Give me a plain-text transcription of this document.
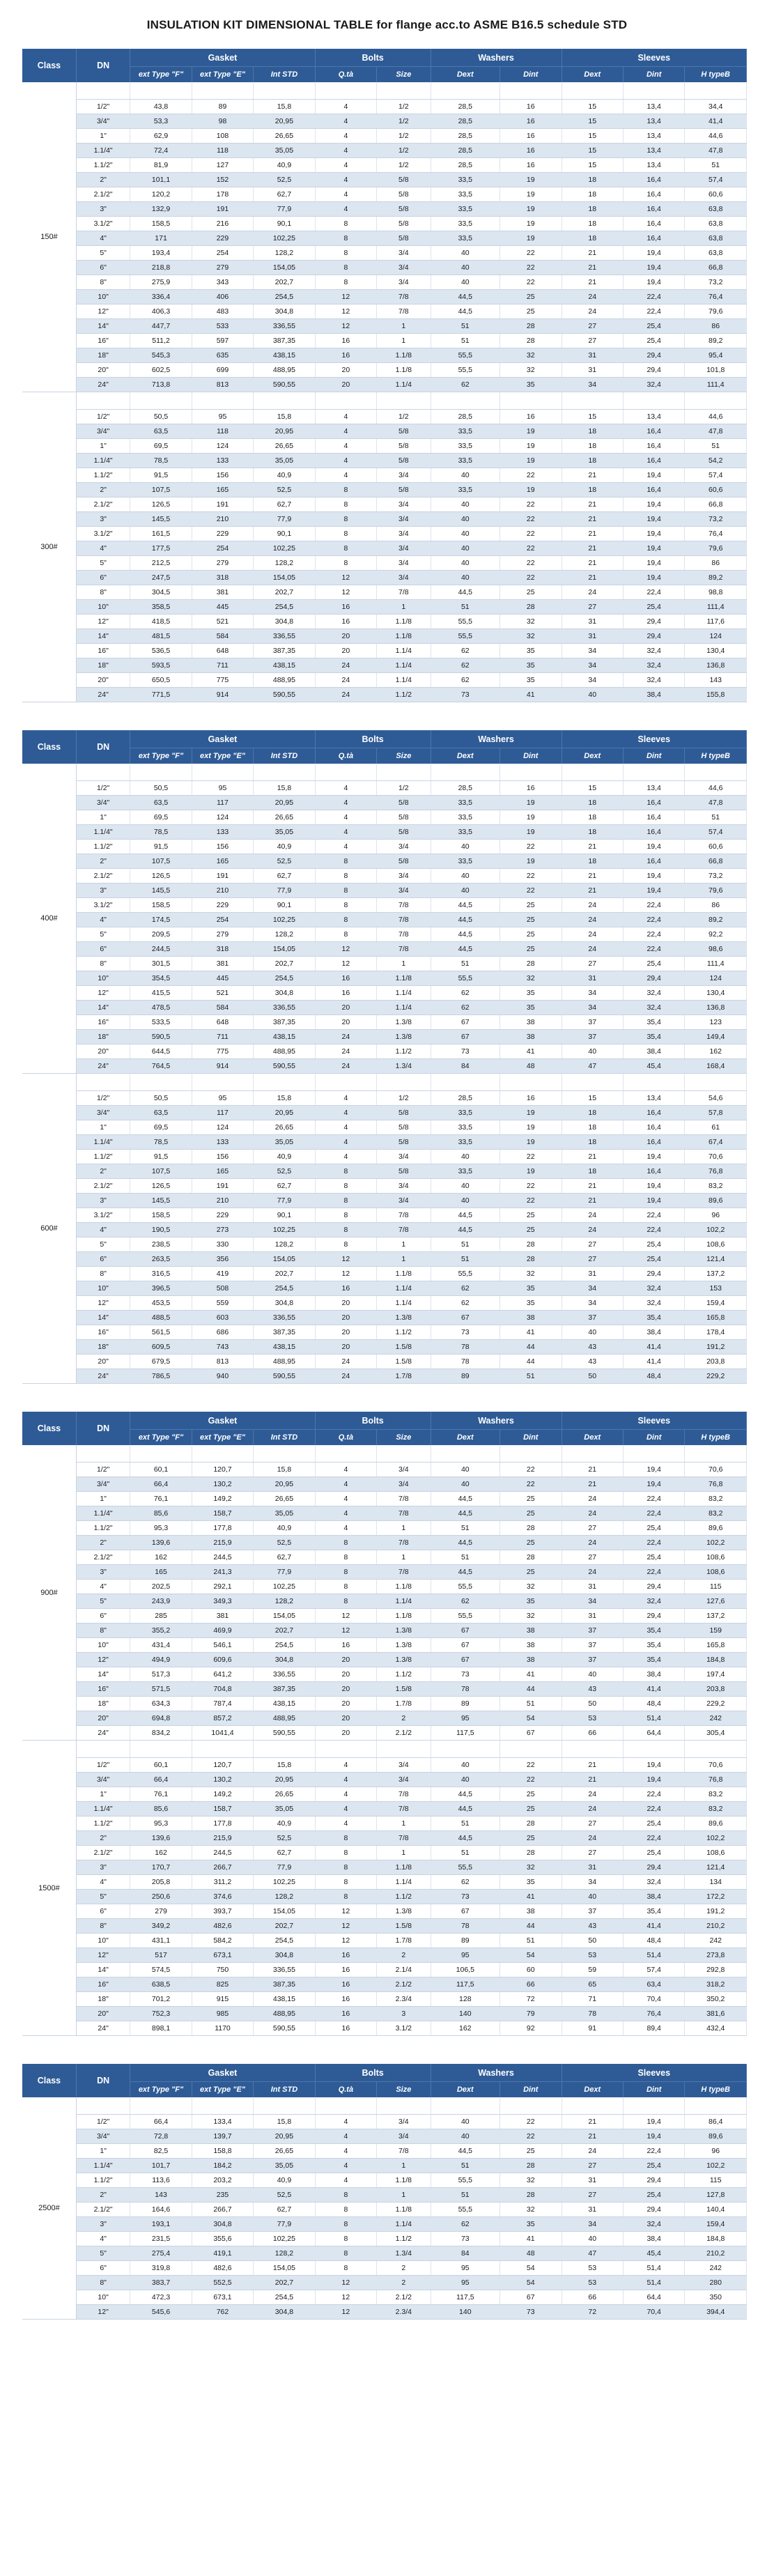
INSULATION KIT DIMENSIONAL TABLE for flange acc.to ASME B16.5 schedule STD
Class	DN	Gasket			Bolts		Washers		Sleeves		
		ext Type "F"	ext Type "E"	Int STD	Q.tà	Size	Dext	Dint	Dext	Dint	H typeB
150#											
	1/2"	43,8	89	15,8	4	1/2	28,5	16	15	13,4	34,4
	3/4"	53,3	98	20,95	4	1/2	28,5	16	15	13,4	41,4
	1"	62,9	108	26,65	4	1/2	28,5	16	15	13,4	44,6
	1.1/4"	72,4	118	35,05	4	1/2	28,5	16	15	13,4	47,8
	1.1/2"	81,9	127	40,9	4	1/2	28,5	16	15	13,4	51
	2"	101,1	152	52,5	4	5/8	33,5	19	18	16,4	57,4
	2.1/2"	120,2	178	62,7	4	5/8	33,5	19	18	16,4	60,6
	3"	132,9	191	77,9	4	5/8	33,5	19	18	16,4	63,8
	3.1/2"	158,5	216	90,1	8	5/8	33,5	19	18	16,4	63,8
	4"	171	229	102,25	8	5/8	33,5	19	18	16,4	63,8
	5"	193,4	254	128,2	8	3/4	40	22	21	19,4	63,8
	6"	218,8	279	154,05	8	3/4	40	22	21	19,4	66,8
	8"	275,9	343	202,7	8	3/4	40	22	21	19,4	73,2
	10"	336,4	406	254,5	12	7/8	44,5	25	24	22,4	76,4
	12"	406,3	483	304,8	12	7/8	44,5	25	24	22,4	79,6
	14"	447,7	533	336,55	12	1	51	28	27	25,4	86
	16"	511,2	597	387,35	16	1	51	28	27	25,4	89,2
	18"	545,3	635	438,15	16	1.1/8	55,5	32	31	29,4	95,4
	20"	602,5	699	488,95	20	1.1/8	55,5	32	31	29,4	101,8
	24"	713,8	813	590,55	20	1.1/4	62	35	34	32,4	111,4
300#											
	1/2"	50,5	95	15,8	4	1/2	28,5	16	15	13,4	44,6
	3/4"	63,5	118	20,95	4	5/8	33,5	19	18	16,4	47,8
	1"	69,5	124	26,65	4	5/8	33,5	19	18	16,4	51
	1.1/4"	78,5	133	35,05	4	5/8	33,5	19	18	16,4	54,2
	1.1/2"	91,5	156	40,9	4	3/4	40	22	21	19,4	57,4
	2"	107,5	165	52,5	8	5/8	33,5	19	18	16,4	60,6
	2.1/2"	126,5	191	62,7	8	3/4	40	22	21	19,4	66,8
	3"	145,5	210	77,9	8	3/4	40	22	21	19,4	73,2
	3.1/2"	161,5	229	90,1	8	3/4	40	22	21	19,4	76,4
	4"	177,5	254	102,25	8	3/4	40	22	21	19,4	79,6
	5"	212,5	279	128,2	8	3/4	40	22	21	19,4	86
	6"	247,5	318	154,05	12	3/4	40	22	21	19,4	89,2
	8"	304,5	381	202,7	12	7/8	44,5	25	24	22,4	98,8
	10"	358,5	445	254,5	16	1	51	28	27	25,4	111,4
	12"	418,5	521	304,8	16	1.1/8	55,5	32	31	29,4	117,6
	14"	481,5	584	336,55	20	1.1/8	55,5	32	31	29,4	124
	16"	536,5	648	387,35	20	1.1/4	62	35	34	32,4	130,4
	18"	593,5	711	438,15	24	1.1/4	62	35	34	32,4	136,8
	20"	650,5	775	488,95	24	1.1/4	62	35	34	32,4	143
	24"	771,5	914	590,55	24	1.1/2	73	41	40	38,4	155,8
Class	DN	Gasket			Bolts		Washers		Sleeves		
		ext Type "F"	ext Type "E"	Int STD	Q.tà	Size	Dext	Dint	Dext	Dint	H typeB
400#											
	1/2"	50,5	95	15,8	4	1/2	28,5	16	15	13,4	44,6
	3/4"	63,5	117	20,95	4	5/8	33,5	19	18	16,4	47,8
	1"	69,5	124	26,65	4	5/8	33,5	19	18	16,4	51
	1.1/4"	78,5	133	35,05	4	5/8	33,5	19	18	16,4	57,4
	1.1/2"	91,5	156	40,9	4	3/4	40	22	21	19,4	60,6
	2"	107,5	165	52,5	8	5/8	33,5	19	18	16,4	66,8
	2.1/2"	126,5	191	62,7	8	3/4	40	22	21	19,4	73,2
	3"	145,5	210	77,9	8	3/4	40	22	21	19,4	79,6
	3.1/2"	158,5	229	90,1	8	7/8	44,5	25	24	22,4	86
	4"	174,5	254	102,25	8	7/8	44,5	25	24	22,4	89,2
	5"	209,5	279	128,2	8	7/8	44,5	25	24	22,4	92,2
	6"	244,5	318	154,05	12	7/8	44,5	25	24	22,4	98,6
	8"	301,5	381	202,7	12	1	51	28	27	25,4	111,4
	10"	354,5	445	254,5	16	1.1/8	55,5	32	31	29,4	124
	12"	415,5	521	304,8	16	1.1/4	62	35	34	32,4	130,4
	14"	478,5	584	336,55	20	1.1/4	62	35	34	32,4	136,8
	16"	533,5	648	387,35	20	1.3/8	67	38	37	35,4	123
	18"	590,5	711	438,15	24	1.3/8	67	38	37	35,4	149,4
	20"	644,5	775	488,95	24	1.1/2	73	41	40	38,4	162
	24"	764,5	914	590,55	24	1.3/4	84	48	47	45,4	168,4
600#											
	1/2"	50,5	95	15,8	4	1/2	28,5	16	15	13,4	54,6
	3/4"	63,5	117	20,95	4	5/8	33,5	19	18	16,4	57,8
	1"	69,5	124	26,65	4	5/8	33,5	19	18	16,4	61
	1.1/4"	78,5	133	35,05	4	5/8	33,5	19	18	16,4	67,4
	1.1/2"	91,5	156	40,9	4	3/4	40	22	21	19,4	70,6
	2"	107,5	165	52,5	8	5/8	33,5	19	18	16,4	76,8
	2.1/2"	126,5	191	62,7	8	3/4	40	22	21	19,4	83,2
	3"	145,5	210	77,9	8	3/4	40	22	21	19,4	89,6
	3.1/2"	158,5	229	90,1	8	7/8	44,5	25	24	22,4	96
	4"	190,5	273	102,25	8	7/8	44,5	25	24	22,4	102,2
	5"	238,5	330	128,2	8	1	51	28	27	25,4	108,6
	6"	263,5	356	154,05	12	1	51	28	27	25,4	121,4
	8"	316,5	419	202,7	12	1.1/8	55,5	32	31	29,4	137,2
	10"	396,5	508	254,5	16	1.1/4	62	35	34	32,4	153
	12"	453,5	559	304,8	20	1.1/4	62	35	34	32,4	159,4
	14"	488,5	603	336,55	20	1.3/8	67	38	37	35,4	165,8
	16"	561,5	686	387,35	20	1.1/2	73	41	40	38,4	178,4
	18"	609,5	743	438,15	20	1.5/8	78	44	43	41,4	191,2
	20"	679,5	813	488,95	24	1.5/8	78	44	43	41,4	203,8
	24"	786,5	940	590,55	24	1.7/8	89	51	50	48,4	229,2
Class	DN	Gasket			Bolts		Washers		Sleeves		
		ext Type "F"	ext Type "E"	Int STD	Q.tà	Size	Dext	Dint	Dext	Dint	H typeB
900#											
	1/2"	60,1	120,7	15,8	4	3/4	40	22	21	19,4	70,6
	3/4"	66,4	130,2	20,95	4	3/4	40	22	21	19,4	76,8
	1"	76,1	149,2	26,65	4	7/8	44,5	25	24	22,4	83,2
	1.1/4"	85,6	158,7	35,05	4	7/8	44,5	25	24	22,4	83,2
	1.1/2"	95,3	177,8	40,9	4	1	51	28	27	25,4	89,6
	2"	139,6	215,9	52,5	8	7/8	44,5	25	24	22,4	102,2
	2.1/2"	162	244,5	62,7	8	1	51	28	27	25,4	108,6
	3"	165	241,3	77,9	8	7/8	44,5	25	24	22,4	108,6
	4"	202,5	292,1	102,25	8	1.1/8	55,5	32	31	29,4	115
	5"	243,9	349,3	128,2	8	1.1/4	62	35	34	32,4	127,6
	6"	285	381	154,05	12	1.1/8	55,5	32	31	29,4	137,2
	8"	355,2	469,9	202,7	12	1.3/8	67	38	37	35,4	159
	10"	431,4	546,1	254,5	16	1.3/8	67	38	37	35,4	165,8
	12"	494,9	609,6	304,8	20	1.3/8	67	38	37	35,4	184,8
	14"	517,3	641,2	336,55	20	1.1/2	73	41	40	38,4	197,4
	16"	571,5	704,8	387,35	20	1.5/8	78	44	43	41,4	203,8
	18"	634,3	787,4	438,15	20	1.7/8	89	51	50	48,4	229,2
	20"	694,8	857,2	488,95	20	2	95	54	53	51,4	242
	24"	834,2	1041,4	590,55	20	2.1/2	117,5	67	66	64,4	305,4
1500#											
	1/2"	60,1	120,7	15,8	4	3/4	40	22	21	19,4	70,6
	3/4"	66,4	130,2	20,95	4	3/4	40	22	21	19,4	76,8
	1"	76,1	149,2	26,65	4	7/8	44,5	25	24	22,4	83,2
	1.1/4"	85,6	158,7	35,05	4	7/8	44,5	25	24	22,4	83,2
	1.1/2"	95,3	177,8	40,9	4	1	51	28	27	25,4	89,6
	2"	139,6	215,9	52,5	8	7/8	44,5	25	24	22,4	102,2
	2.1/2"	162	244,5	62,7	8	1	51	28	27	25,4	108,6
	3"	170,7	266,7	77,9	8	1.1/8	55,5	32	31	29,4	121,4
	4"	205,8	311,2	102,25	8	1.1/4	62	35	34	32,4	134
	5"	250,6	374,6	128,2	8	1.1/2	73	41	40	38,4	172,2
	6"	279	393,7	154,05	12	1.3/8	67	38	37	35,4	191,2
	8"	349,2	482,6	202,7	12	1.5/8	78	44	43	41,4	210,2
	10"	431,1	584,2	254,5	12	1.7/8	89	51	50	48,4	242
	12"	517	673,1	304,8	16	2	95	54	53	51,4	273,8
	14"	574,5	750	336,55	16	2.1/4	106,5	60	59	57,4	292,8
	16"	638,5	825	387,35	16	2.1/2	117,5	66	65	63,4	318,2
	18"	701,2	915	438,15	16	2.3/4	128	72	71	70,4	350,2
	20"	752,3	985	488,95	16	3	140	79	78	76,4	381,6
	24"	898,1	1170	590,55	16	3.1/2	162	92	91	89,4	432,4
Class	DN	Gasket			Bolts		Washers		Sleeves		
		ext Type "F"	ext Type "E"	Int STD	Q.tà	Size	Dext	Dint	Dext	Dint	H typeB
2500#											
	1/2"	66,4	133,4	15,8	4	3/4	40	22	21	19,4	86,4
	3/4"	72,8	139,7	20,95	4	3/4	40	22	21	19,4	89,6
	1"	82,5	158,8	26,65	4	7/8	44,5	25	24	22,4	96
	1.1/4"	101,7	184,2	35,05	4	1	51	28	27	25,4	102,2
	1.1/2"	113,6	203,2	40,9	4	1.1/8	55,5	32	31	29,4	115
	2"	143	235	52,5	8	1	51	28	27	25,4	127,8
	2.1/2"	164,6	266,7	62,7	8	1.1/8	55,5	32	31	29,4	140,4
	3"	193,1	304,8	77,9	8	1.1/4	62	35	34	32,4	159,4
	4"	231,5	355,6	102,25	8	1.1/2	73	41	40	38,4	184,8
	5"	275,4	419,1	128,2	8	1.3/4	84	48	47	45,4	210,2
	6"	319,8	482,6	154,05	8	2	95	54	53	51,4	242
	8"	383,7	552,5	202,7	12	2	95	54	53	51,4	280
	10"	472,3	673,1	254,5	12	2.1/2	117,5	67	66	64,4	350
	12"	545,6	762	304,8	12	2.3/4	140	73	72	70,4	394,4
